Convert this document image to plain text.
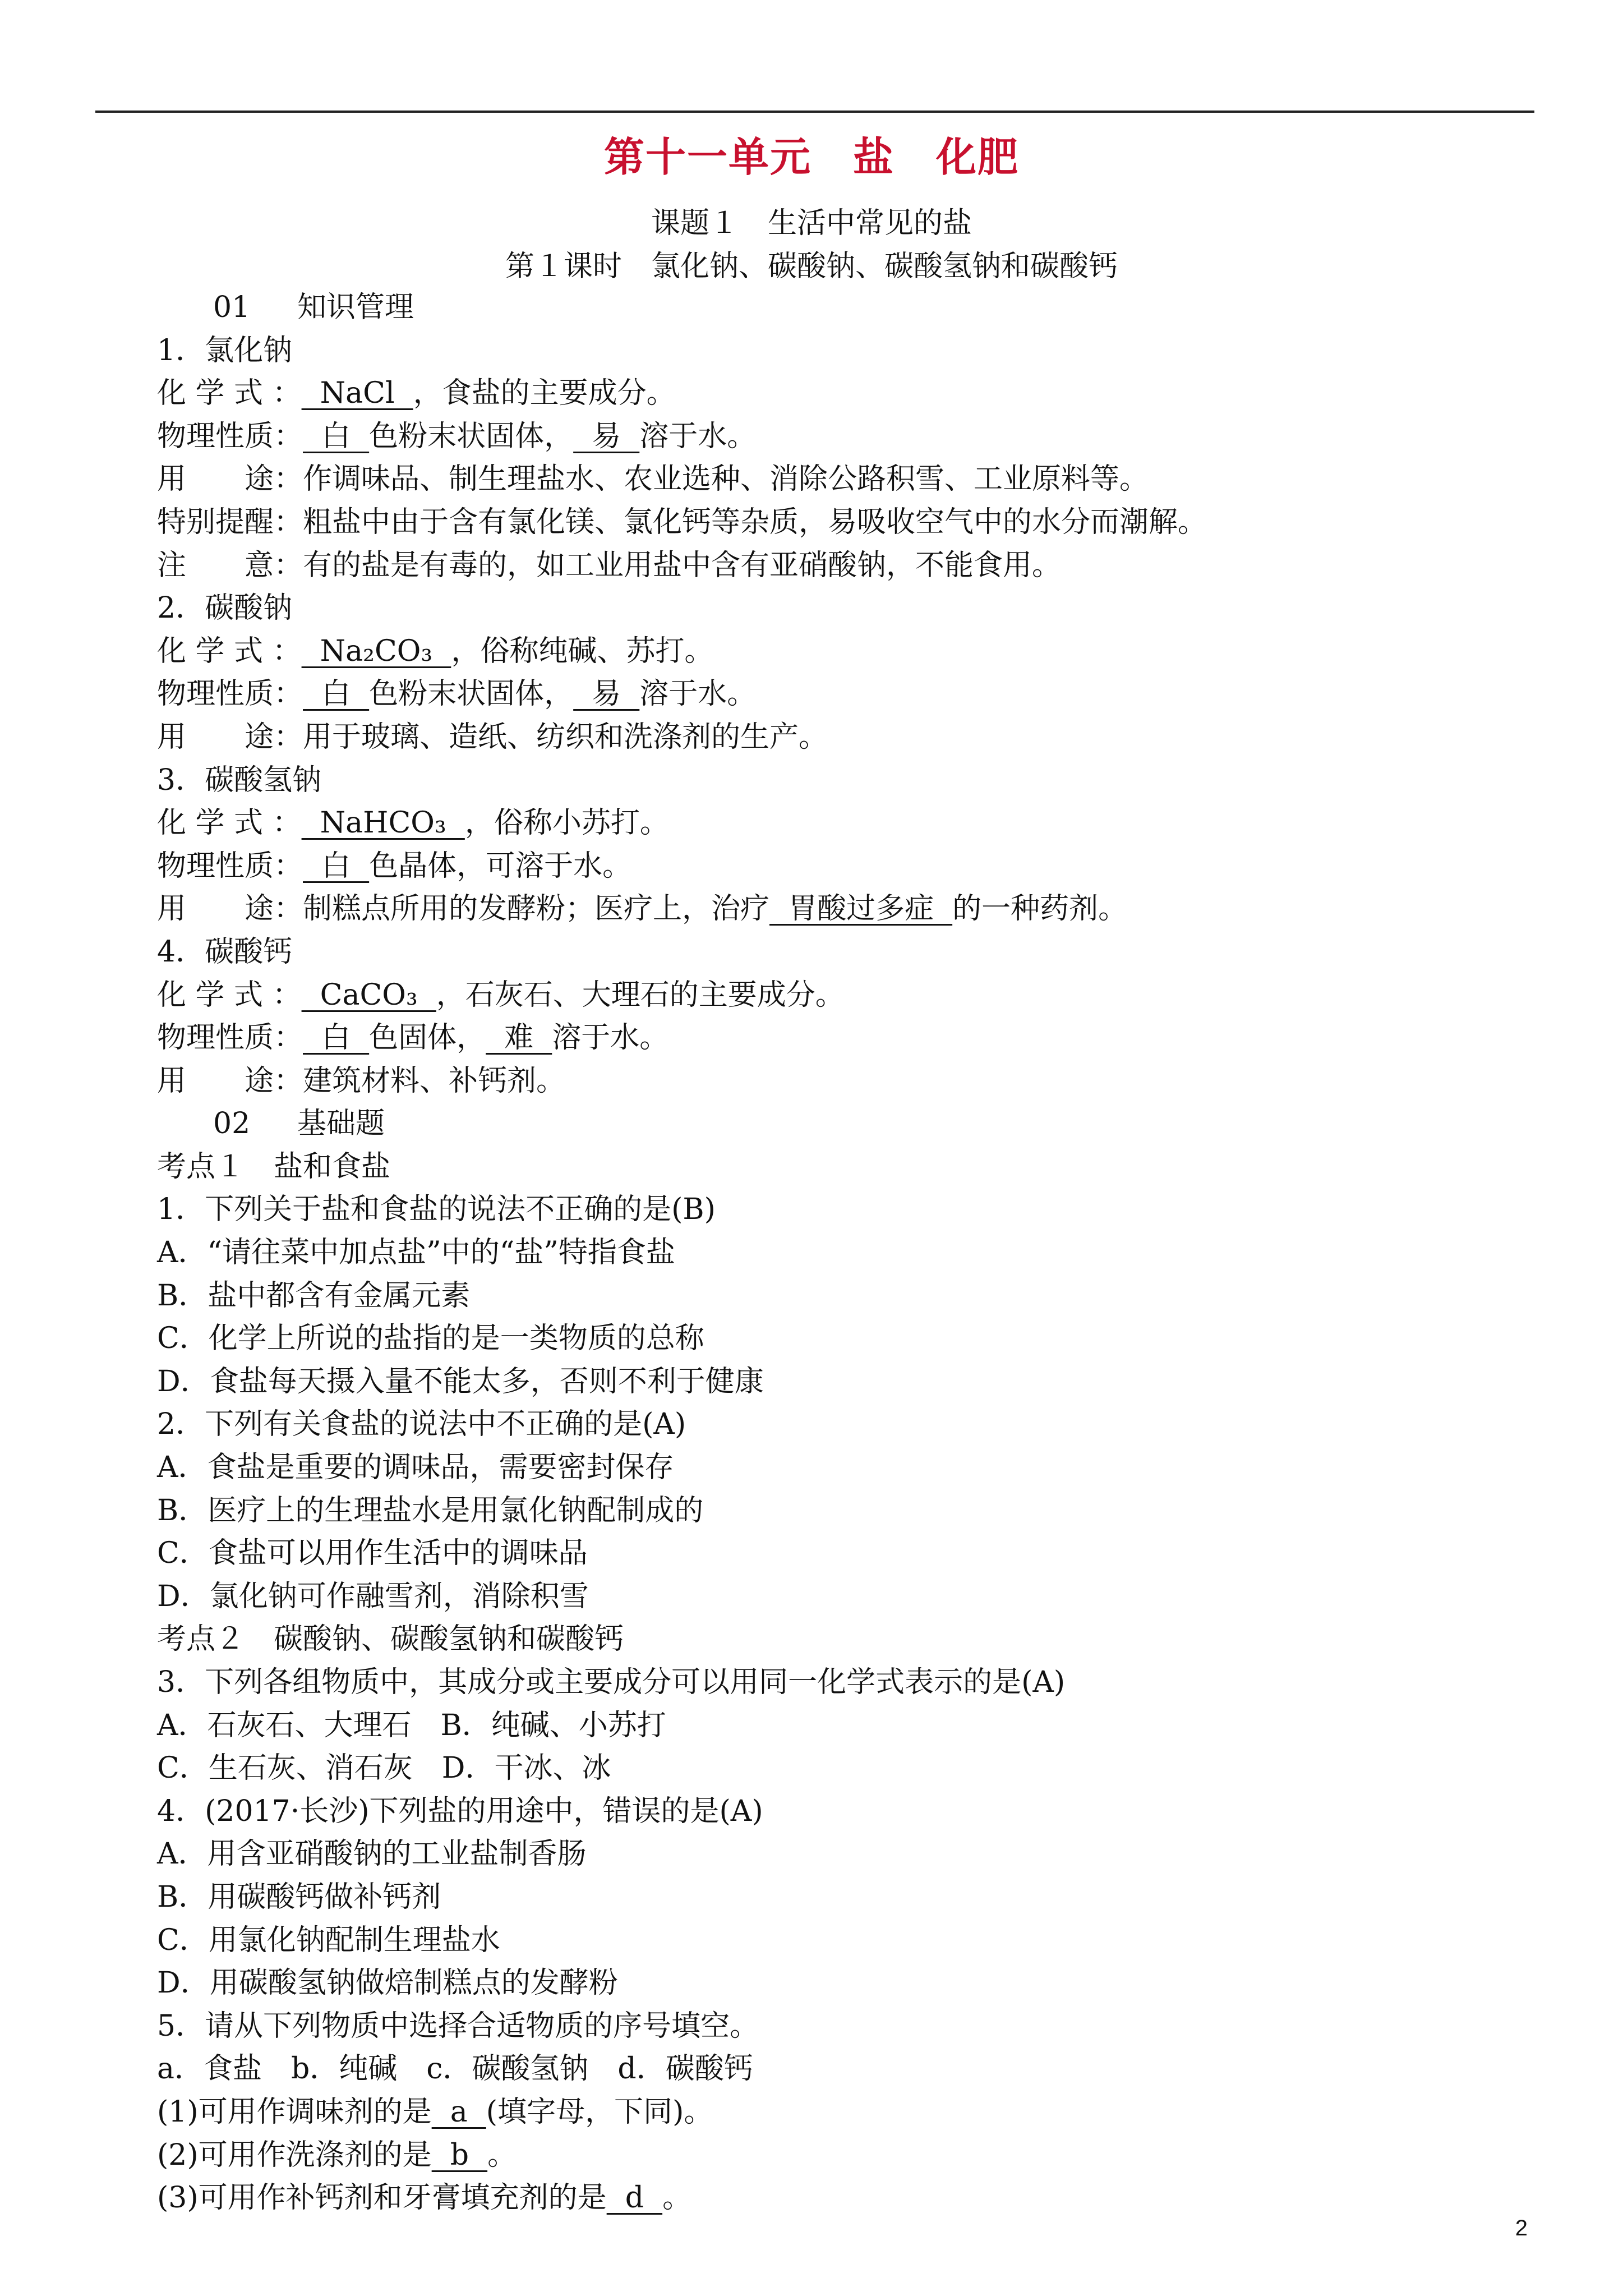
第十一单元　盐　化肥
课题１　生活中常见的盐
第１课时　氯化钠、碳酸钠、碳酸氢钠和碳酸钙
01 知识管理
1．氯化钠
化 学 式 ：  NaCl  ，食盐的主要成分。
物理性质：  白  色粉末状固体，  易  溶于水。
用　　途：作调味品、制生理盐水、农业选种、消除公路积雪、工业原料等。
特别提醒：粗盐中由于含有氯化镁、氯化钙等杂质，易吸收空气中的水分而潮解。
注　　意：有的盐是有毒的，如工业用盐中含有亚硝酸钠，不能食用。
2．碳酸钠
化 学 式 ：  Na₂CO₃  ，俗称纯碱、苏打。
物理性质：  白  色粉末状固体，  易  溶于水。
用　　途：用于玻璃、造纸、纺织和洗涤剂的生产。
3．碳酸氢钠
化 学 式 ：  NaHCO₃  ，俗称小苏打。
物理性质：  白  色晶体，可溶于水。
用　　途：制糕点所用的发酵粉；医疗上，治疗  胃酸过多症  的一种药剂。
4．碳酸钙
化 学 式 ：  CaCO₃  ，石灰石、大理石的主要成分。
物理性质：  白  色固体，  难  溶于水。
用　　途：建筑材料、补钙剂。
02 基础题
考点１　盐和食盐
1．下列关于盐和食盐的说法不正确的是(B)
A．“请往菜中加点盐”中的“盐”特指食盐
B．盐中都含有金属元素
C．化学上所说的盐指的是一类物质的总称
D．食盐每天摄入量不能太多，否则不利于健康
2．下列有关食盐的说法中不正确的是(A)
A．食盐是重要的调味品，需要密封保存
B．医疗上的生理盐水是用氯化钠配制成的
C．食盐可以用作生活中的调味品
D．氯化钠可作融雪剂，消除积雪
考点２　碳酸钠、碳酸氢钠和碳酸钙
3．下列各组物质中，其成分或主要成分可以用同一化学式表示的是(A)
A．石灰石、大理石　B．纯碱、小苏打
C．生石灰、消石灰　D．干冰、冰
4．(2017·长沙)下列盐的用途中，错误的是(A)
A．用含亚硝酸钠的工业盐制香肠
B．用碳酸钙做补钙剂
C．用氯化钠配制生理盐水
D．用碳酸氢钠做焙制糕点的发酵粉
5．请从下列物质中选择合适物质的序号填空。
a．食盐　b．纯碱　c．碳酸氢钠　d．碳酸钙
(1)可用作调味剂的是  a  (填字母，下同)。
(2)可用作洗涤剂的是  b  。
(3)可用作补钙剂和牙膏填充剂的是  d  。
2
